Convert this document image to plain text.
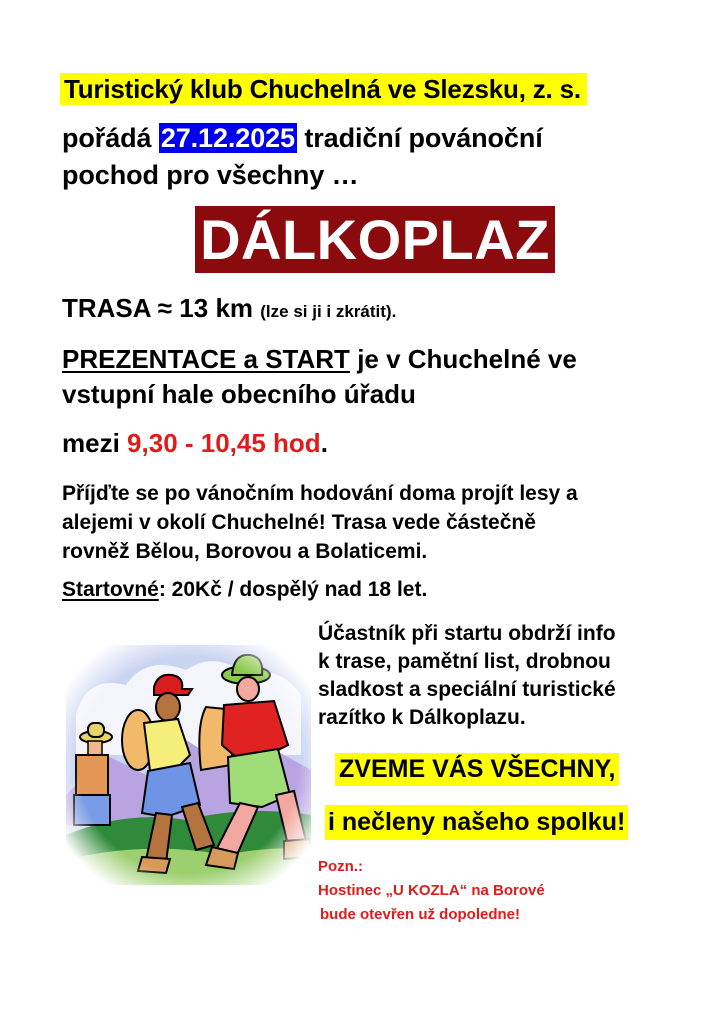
Turistický klub Chuchelná ve Slezsku, z. s.
pořádá 27.12.2025 tradiční povánoční
pochod pro všechny …
DÁLKOPLAZ
TRASA ≈ 13 km (lze si ji i zkrátit).
PREZENTACE a START je v Chuchelné ve
vstupní hale obecního úřadu
mezi 9,30 - 10,45 hod.
Příjďte se po vánočním hodování doma projít lesy a
alejemi v okolí Chuchelné! Trasa vede částečně
rovněž Bělou, Borovou a Bolaticemi.
Startovné: 20Kč / dospělý nad 18 let.
Účastník při startu obdrží info
k trase, pamětní list, drobnou
sladkost a speciální turistické
razítko k Dálkoplazu.
ZVEME VÁS VŠECHNY,
i nečleny našeho spolku!
Pozn.:
Hostinec „U KOZLA“ na Borové
bude otevřen už dopoledne!
